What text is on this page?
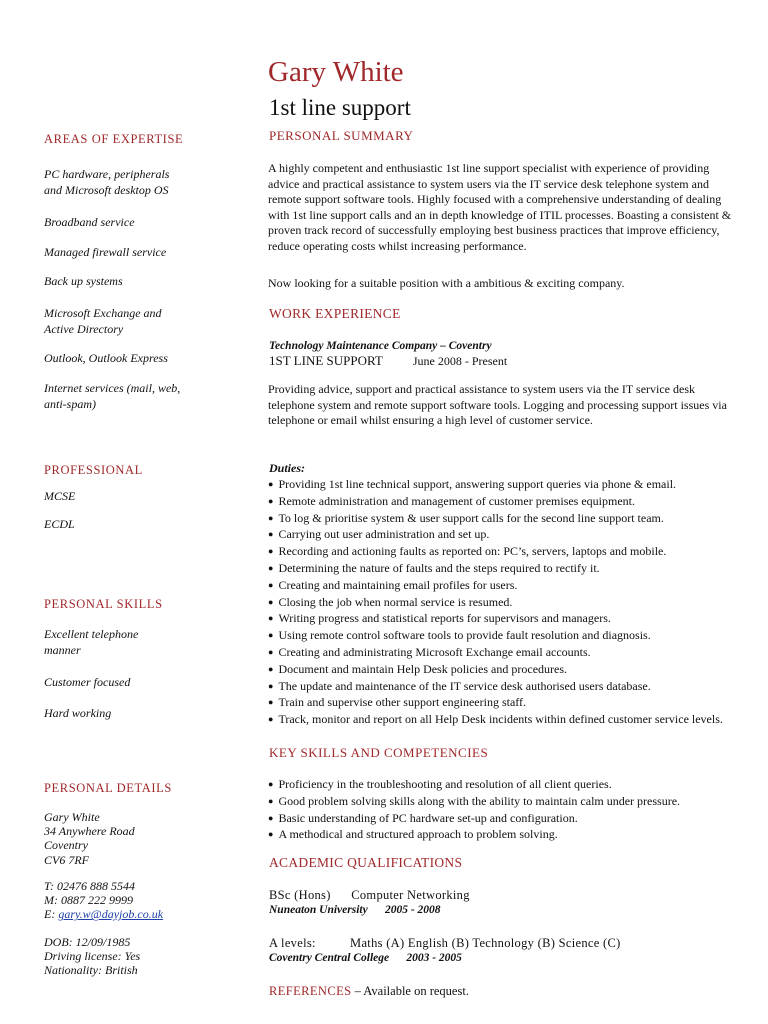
Gary White
1st line support
AREAS OF EXPERTISE
PC hardware, peripherals
and Microsoft desktop OS
Broadband service
Managed firewall service
Back up systems
Microsoft Exchange and
Active Directory
Outlook, Outlook Express
Internet services (mail, web,
anti-spam)
PROFESSIONAL
MCSE
ECDL
PERSONAL SKILLS
Excellent telephone
manner
Customer focused
Hard working
PERSONAL DETAILS
Gary White
34 Anywhere Road
Coventry
CV6 7RF
T: 02476 888 5544
M: 0887 222 9999
E: gary.w@dayjob.co.uk
DOB: 12/09/1985
Driving license: Yes
Nationality: British
PERSONAL SUMMARY

A highly competent and enthusiastic 1st line support specialist with experience of providing advice and practical assistance to system users via the IT service desk telephone system and remote support software tools. Highly focused with a comprehensive understanding of dealing with 1st line support calls and an in depth knowledge of ITIL processes. Boasting a consistent & proven track record of successfully employing best business practices that improve efficiency, reduce operating costs whilst increasing performance.

Now looking for a suitable position with a ambitious & exciting company.

WORK EXPERIENCE
Technology Maintenance Company – Coventry
1ST LINE SUPPORT	June 2008 - Present

Providing advice, support and practical assistance to system users via the IT service desk telephone system and remote support software tools. Logging and processing support issues via telephone or email whilst ensuring a high level of customer service.

Duties:
● Providing 1st line technical support, answering support queries via phone & email.
● Remote administration and management of customer premises equipment.
● To log & prioritise system & user support calls for the second line support team.
● Carrying out user administration and set up.
● Recording and actioning faults as reported on: PC’s, servers, laptops and mobile.
● Determining the nature of faults and the steps required to rectify it.
● Creating and maintaining email profiles for users.
● Closing the job when normal service is resumed.
● Writing progress and statistical reports for supervisors and managers.
● Using remote control software tools to provide fault resolution and diagnosis.
● Creating and administrating Microsoft Exchange email accounts.
● Document and maintain Help Desk policies and procedures.
● The update and maintenance of the IT service desk authorised users database.
● Train and supervise other support engineering staff.
● Track, monitor and report on all Help Desk incidents within defined customer service levels.
KEY SKILLS AND COMPETENCIES
● Proficiency in the troubleshooting and resolution of all client queries.
● Good problem solving skills along with the ability to maintain calm under pressure.
● Basic understanding of PC hardware set-up and configuration.
● A methodical and structured approach to problem solving.
ACADEMIC QUALIFICATIONS
BSc (Hons)      Computer Networking
Nuneaton University      2005 - 2008
A levels:          Maths (A) English (B) Technology (B) Science (C)
Coventry Central College      2003 - 2005
REFERENCES – Available on request.
